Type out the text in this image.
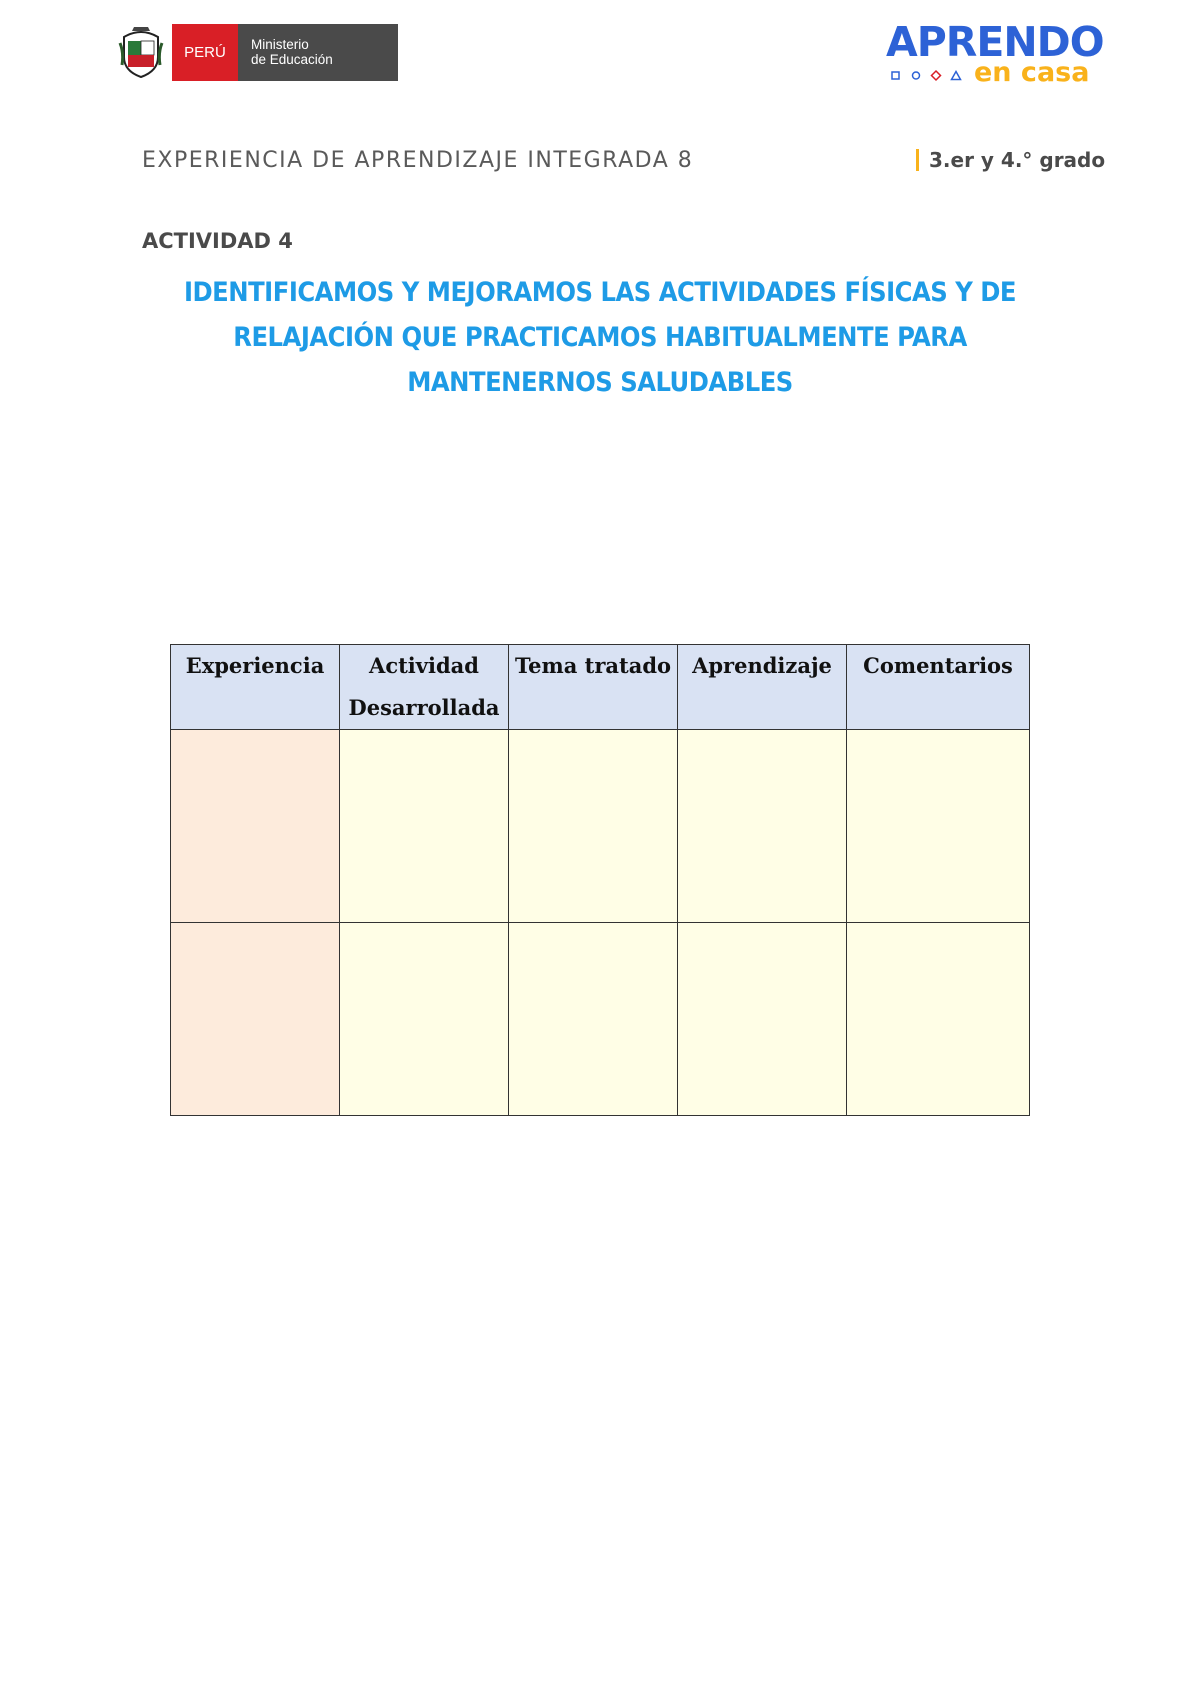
PERÚ	Ministerio
de Educación	APRENDO
en casa
EXPERIENCIA DE APRENDIZAJE INTEGRADA 8	3.er y 4.° grado
ACTIVIDAD 4
IDENTIFICAMOS Y MEJORAMOS LAS ACTIVIDADES FÍSICAS Y DE RELAJACIÓN QUE PRACTICAMOS HABITUALMENTE PARA MANTENERNOS SALUDABLES
Experiencia	Actividad Desarrollada	Tema tratado	Aprendizaje	Comentarios
